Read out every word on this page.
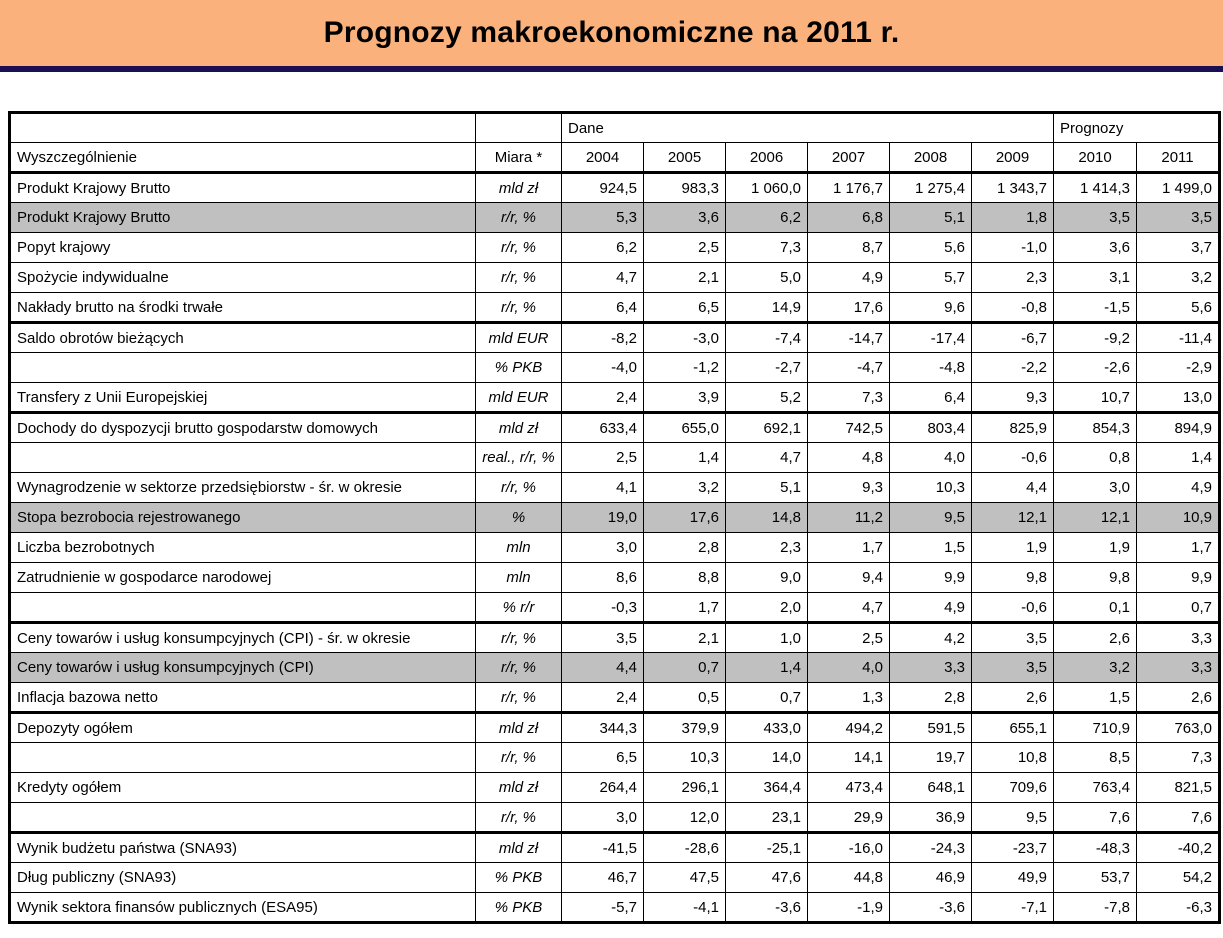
Prognozy makroekonomiczne na 2011 r.
		Dane						Prognozy	
Wyszczególnienie	Miara *	2004	2005	2006	2007	2008	2009	2010	2011
Produkt Krajowy Brutto	mld zł	924,5	983,3	1 060,0	1 176,7	1 275,4	1 343,7	1 414,3	1 499,0
Produkt Krajowy Brutto	r/r, %	5,3	3,6	6,2	6,8	5,1	1,8	3,5	3,5
Popyt krajowy	r/r, %	6,2	2,5	7,3	8,7	5,6	-1,0	3,6	3,7
Spożycie indywidualne	r/r, %	4,7	2,1	5,0	4,9	5,7	2,3	3,1	3,2
Nakłady brutto na środki trwałe	r/r, %	6,4	6,5	14,9	17,6	9,6	-0,8	-1,5	5,6
Saldo obrotów bieżących	mld EUR	-8,2	-3,0	-7,4	-14,7	-17,4	-6,7	-9,2	-11,4
	% PKB	-4,0	-1,2	-2,7	-4,7	-4,8	-2,2	-2,6	-2,9
Transfery z Unii Europejskiej	mld EUR	2,4	3,9	5,2	7,3	6,4	9,3	10,7	13,0
Dochody do dyspozycji brutto gospodarstw domowych	mld zł	633,4	655,0	692,1	742,5	803,4	825,9	854,3	894,9
	real., r/r, %	2,5	1,4	4,7	4,8	4,0	-0,6	0,8	1,4
Wynagrodzenie w sektorze przedsiębiorstw - śr. w okresie	r/r, %	4,1	3,2	5,1	9,3	10,3	4,4	3,0	4,9
Stopa bezrobocia rejestrowanego	%	19,0	17,6	14,8	11,2	9,5	12,1	12,1	10,9
Liczba bezrobotnych	mln	3,0	2,8	2,3	1,7	1,5	1,9	1,9	1,7
Zatrudnienie w gospodarce narodowej	mln	8,6	8,8	9,0	9,4	9,9	9,8	9,8	9,9
	% r/r	-0,3	1,7	2,0	4,7	4,9	-0,6	0,1	0,7
Ceny towarów i usług konsumpcyjnych (CPI) - śr. w okresie	r/r, %	3,5	2,1	1,0	2,5	4,2	3,5	2,6	3,3
Ceny towarów i usług konsumpcyjnych (CPI)	r/r, %	4,4	0,7	1,4	4,0	3,3	3,5	3,2	3,3
Inflacja bazowa netto	r/r, %	2,4	0,5	0,7	1,3	2,8	2,6	1,5	2,6
Depozyty ogółem	mld zł	344,3	379,9	433,0	494,2	591,5	655,1	710,9	763,0
	r/r, %	6,5	10,3	14,0	14,1	19,7	10,8	8,5	7,3
Kredyty ogółem	mld zł	264,4	296,1	364,4	473,4	648,1	709,6	763,4	821,5
	r/r, %	3,0	12,0	23,1	29,9	36,9	9,5	7,6	7,6
Wynik budżetu państwa (SNA93)	mld zł	-41,5	-28,6	-25,1	-16,0	-24,3	-23,7	-48,3	-40,2
Dług publiczny (SNA93)	% PKB	46,7	47,5	47,6	44,8	46,9	49,9	53,7	54,2
Wynik sektora finansów publicznych (ESA95)	% PKB	-5,7	-4,1	-3,6	-1,9	-3,6	-7,1	-7,8	-6,3
